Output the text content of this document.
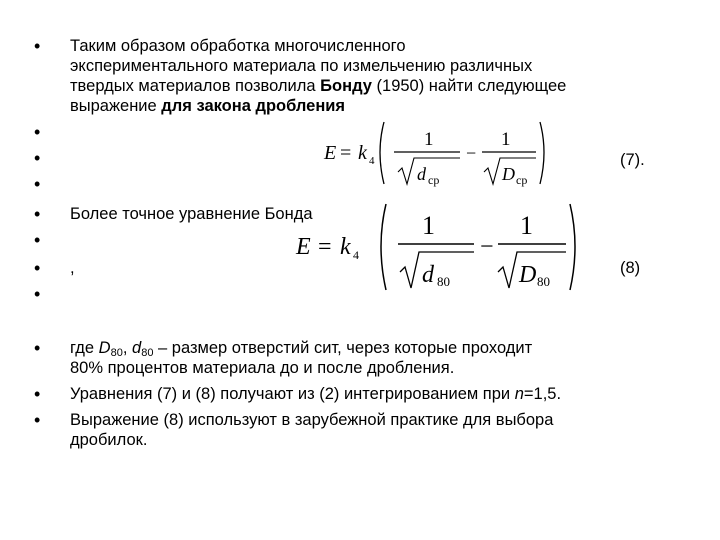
• Таким образом обработка многочисленного
экспериментального материала по измельчению различных
твердых материалов позволила Бонду (1950) найти следующее
выражение для закона дробления
•
•
•
E = k 4
1
d ср
−
1
D ср
(7).
• Более точное уравнение Бонда
•
• ,
•
E = k 4
1
d 80
−
1
D 80
(8)
• где $D_{80}$, $d_{80}$ – размер отверстий сит, через которые проходит
80% процентов материала до и после дробления.
• Уравнения (7) и (8) получают из (2) интегрированием при n=1,5.
• Выражение (8) используют в зарубежной практике для выбора
дробилок.
